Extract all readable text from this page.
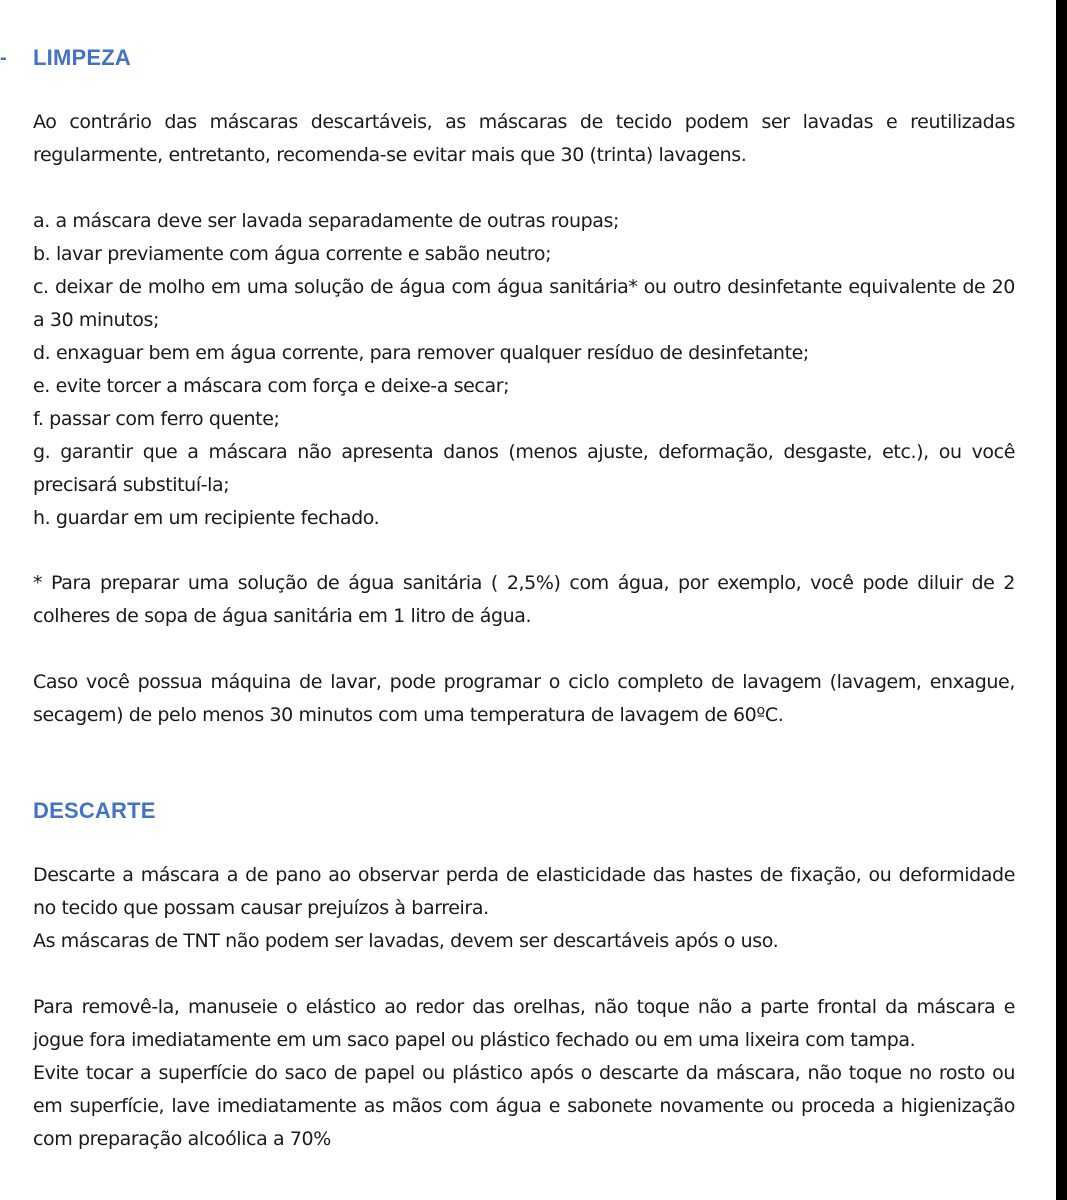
- LIMPEZA

Ao contrário das máscaras descartáveis, as máscaras de tecido podem ser lavadas e reutilizadas regularmente, entretanto, recomenda-se evitar mais que 30 (trinta) lavagens.

a. a máscara deve ser lavada separadamente de outras roupas;
b. lavar previamente com água corrente e sabão neutro;
c. deixar de molho em uma solução de água com água sanitária* ou outro desinfetante equivalente de 20 a 30 minutos;
d. enxaguar bem em água corrente, para remover qualquer resíduo de desinfetante;
e. evite torcer a máscara com força e deixe-a secar;
f. passar com ferro quente;
g. garantir que a máscara não apresenta danos (menos ajuste, deformação, desgaste, etc.), ou você precisará substituí-la;
h. guardar em um recipiente fechado.

* Para preparar uma solução de água sanitária ( 2,5%) com água, por exemplo, você pode diluir de 2 colheres de sopa de água sanitária em 1 litro de água.

Caso você possua máquina de lavar, pode programar o ciclo completo de lavagem (lavagem, enxague, secagem) de pelo menos 30 minutos com uma temperatura de lavagem de 60ºC.

DESCARTE
Descarte a máscara a de pano ao observar perda de elasticidade das hastes de fixação, ou deformidade no tecido que possam causar prejuízos à barreira.
As máscaras de TNT não podem ser lavadas, devem ser descartáveis após o uso.
Para removê-la, manuseie o elástico ao redor das orelhas, não toque não a parte frontal da máscara e jogue fora imediatamente em um saco papel ou plástico fechado ou em uma lixeira com tampa.
Evite tocar a superfície do saco de papel ou plástico após o descarte da máscara, não toque no rosto ou em superfície, lave imediatamente as mãos com água e sabonete novamente ou proceda a higienização com preparação alcoólica a 70%
